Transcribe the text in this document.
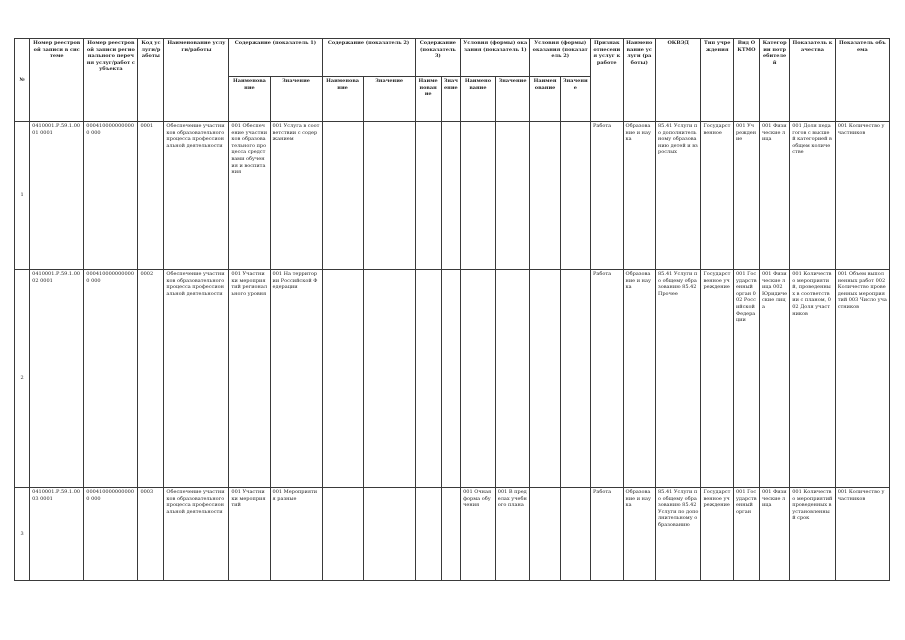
№	Номер реестровой записи в системе	Номер реестровой записи регионального перечня услуг/работ субъекта	Код услуги/работы	Наименование услуги/работы	Содержание (показатель 1)		Содержание (показатель 2)		Содержание (показатель 3)		Условия (формы) оказания (показатель 1)		Условия (формы) оказания (показатель 2)		Признак отнесения услуг к работе	Наименование услуги (работы)	ОКВЭД	Тип учреждения	Вид ОКТМО	Категории потребителей	Показатель качества	Показатель объема
					Наименование	Значение	Наименование	Значение	Наименование	Значение	Наименование	Значение	Наименование	Значение								
1	0410001.Р.59.1.0001 0001	0004100000000000 000	0001	Обеспечение участников образовательного процесса профессиональной деятельности	001 Обеспечение участников образовательного процесса средствами обучения и воспитания	001 Услуга в соответствии с содержанием									Работа	Образование и наука	85.41 Услуги по дополнительному образованию детей и взрослых	Государственное	001 Учреждение	001 Физические лица	001 Доля педагогов с высшей категорией в общем количестве	001 Количество участников
2	0410001.Р.59.1.0002 0001	0004100000000000 000	0002	Обеспечение участников образовательного процесса профессиональной деятельности	001 Участники мероприятий регионального уровня	001 На территории Российской Федерации									Работа	Образование и наука	85.41 Услуги по общему образованию 85.42 Прочее	Государственное учреждение	001 Государственный орган 002 Российской Федерации	001 Физические лица 002 Юридические лица	001 Количество мероприятий, проведенных в соответствии с планом, 002 Доля участников	001 Объем выполненных работ 002 Количество проведенных мероприятий 003 Число участников
3	0410001.Р.59.1.0003 0001	0004100000000000 000	0003	Обеспечение участников образовательного процесса профессиональной деятельности	001 Участники мероприятий	001 Мероприятия разные					001 Очная форма обучения	001 В пределах учебного плана			Работа	Образование и наука	85.41 Услуги по общему образованию 85.42 Услуги по дополнительному образованию	Государственное учреждение	001 Государственный орган	001 Физические лица	001 Количество мероприятий проведенных в установленный срок	001 Количество участников
